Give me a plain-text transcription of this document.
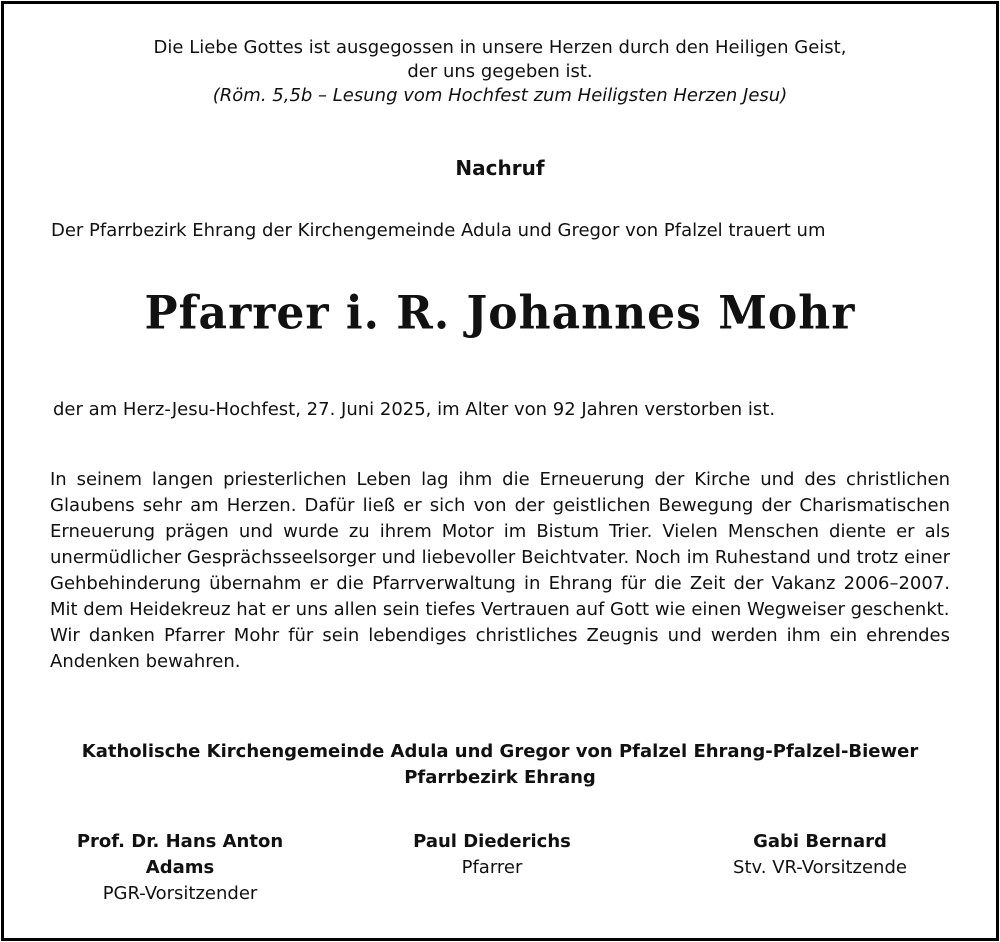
Die Liebe Gottes ist ausgegossen in unsere Herzen durch den Heiligen Geist,
der uns gegeben ist.
(Röm. 5,5b – Lesung vom Hochfest zum Heiligsten Herzen Jesu)
Nachruf
Der Pfarrbezirk Ehrang der Kirchengemeinde Adula und Gregor von Pfalzel trauert um
Pfarrer i. R. Johannes Mohr
der am Herz-Jesu-Hochfest, 27. Juni 2025, im Alter von 92 Jahren verstorben ist.

In seinem langen priesterlichen Leben lag ihm die Erneuerung der Kirche und des christlichen Glaubens sehr am Herzen. Dafür ließ er sich von der geistlichen Bewegung der Charismatischen Erneuerung prägen und wurde zu ihrem Motor im Bistum Trier. Vielen Menschen diente er als unermüdlicher Gesprächsseelsorger und liebevoller Beichtvater. Noch im Ruhestand und trotz einer Gehbehinderung übernahm er die Pfarrverwaltung in Ehrang für die Zeit der Vakanz 2006–2007. Mit dem Heidekreuz hat er uns allen sein tiefes Vertrauen auf Gott wie einen Wegweiser geschenkt.

Wir danken Pfarrer Mohr für sein lebendiges christliches Zeugnis und werden ihm ein ehrendes Andenken bewahren.

Katholische Kirchengemeinde Adula und Gregor von Pfalzel Ehrang-Pfalzel-Biewer
Pfarrbezirk Ehrang
Prof. Dr. Hans Anton
Adams
PGR-Vorsitzender
Paul Diederichs
Pfarrer
Gabi Bernard
Stv. VR-Vorsitzende
